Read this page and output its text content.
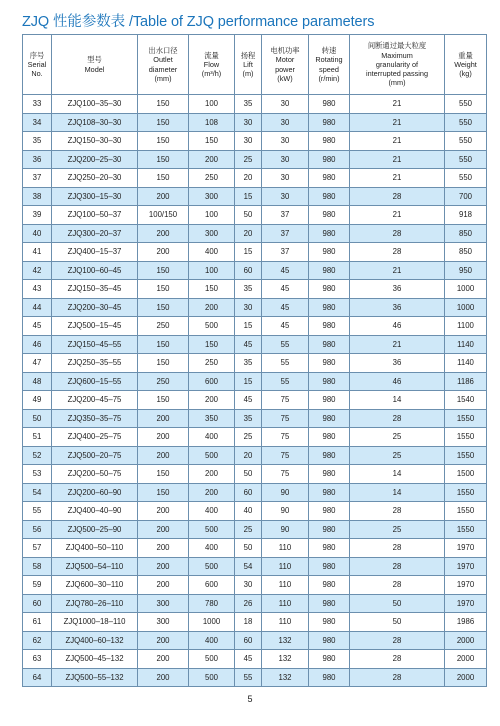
ZJQ 性能参数表 /Table of ZJQ performance parameters
序号
Serial
No.	型号
Model	出水口径
Outlet
diameter
(mm)	流量
Flow
(m³/h)	扬程
Lift
(m)	电机功率
Motor
power
(kW)	转速
Rotating
speed
(r/min)	间断通过最大粒度
Maximum
granularity of
interrupted passing
(mm)	重量
Weight
(kg)

33	ZJQ100–35–30	150	100	35	30	980	21	550
34	ZJQ108–30–30	150	108	30	30	980	21	550
35	ZJQ150–30–30	150	150	30	30	980	21	550
36	ZJQ200–25–30	150	200	25	30	980	21	550
37	ZJQ250–20–30	150	250	20	30	980	21	550
38	ZJQ300–15–30	200	300	15	30	980	28	700
39	ZJQ100–50–37	100/150	100	50	37	980	21	918
40	ZJQ300–20–37	200	300	20	37	980	28	850
41	ZJQ400–15–37	200	400	15	37	980	28	850
42	ZJQ100–60–45	150	100	60	45	980	21	950
43	ZJQ150–35–45	150	150	35	45	980	36	1000
44	ZJQ200–30–45	150	200	30	45	980	36	1000
45	ZJQ500–15–45	250	500	15	45	980	46	1100
46	ZJQ150–45–55	150	150	45	55	980	21	1140
47	ZJQ250–35–55	150	250	35	55	980	36	1140
48	ZJQ600–15–55	250	600	15	55	980	46	1186
49	ZJQ200–45–75	150	200	45	75	980	14	1540
50	ZJQ350–35–75	200	350	35	75	980	28	1550
51	ZJQ400–25–75	200	400	25	75	980	25	1550
52	ZJQ500–20–75	200	500	20	75	980	25	1550
53	ZJQ200–50–75	150	200	50	75	980	14	1500
54	ZJQ200–60–90	150	200	60	90	980	14	1550
55	ZJQ400–40–90	200	400	40	90	980	28	1550
56	ZJQ500–25–90	200	500	25	90	980	25	1550
57	ZJQ400–50–110	200	400	50	110	980	28	1970
58	ZJQ500–54–110	200	500	54	110	980	28	1970
59	ZJQ600–30–110	200	600	30	110	980	28	1970
60	ZJQ780–26–110	300	780	26	110	980	50	1970
61	ZJQ1000–18–110	300	1000	18	110	980	50	1986
62	ZJQ400–60–132	200	400	60	132	980	28	2000
63	ZJQ500–45–132	200	500	45	132	980	28	2000
64	ZJQ500–55–132	200	500	55	132	980	28	2000
5
